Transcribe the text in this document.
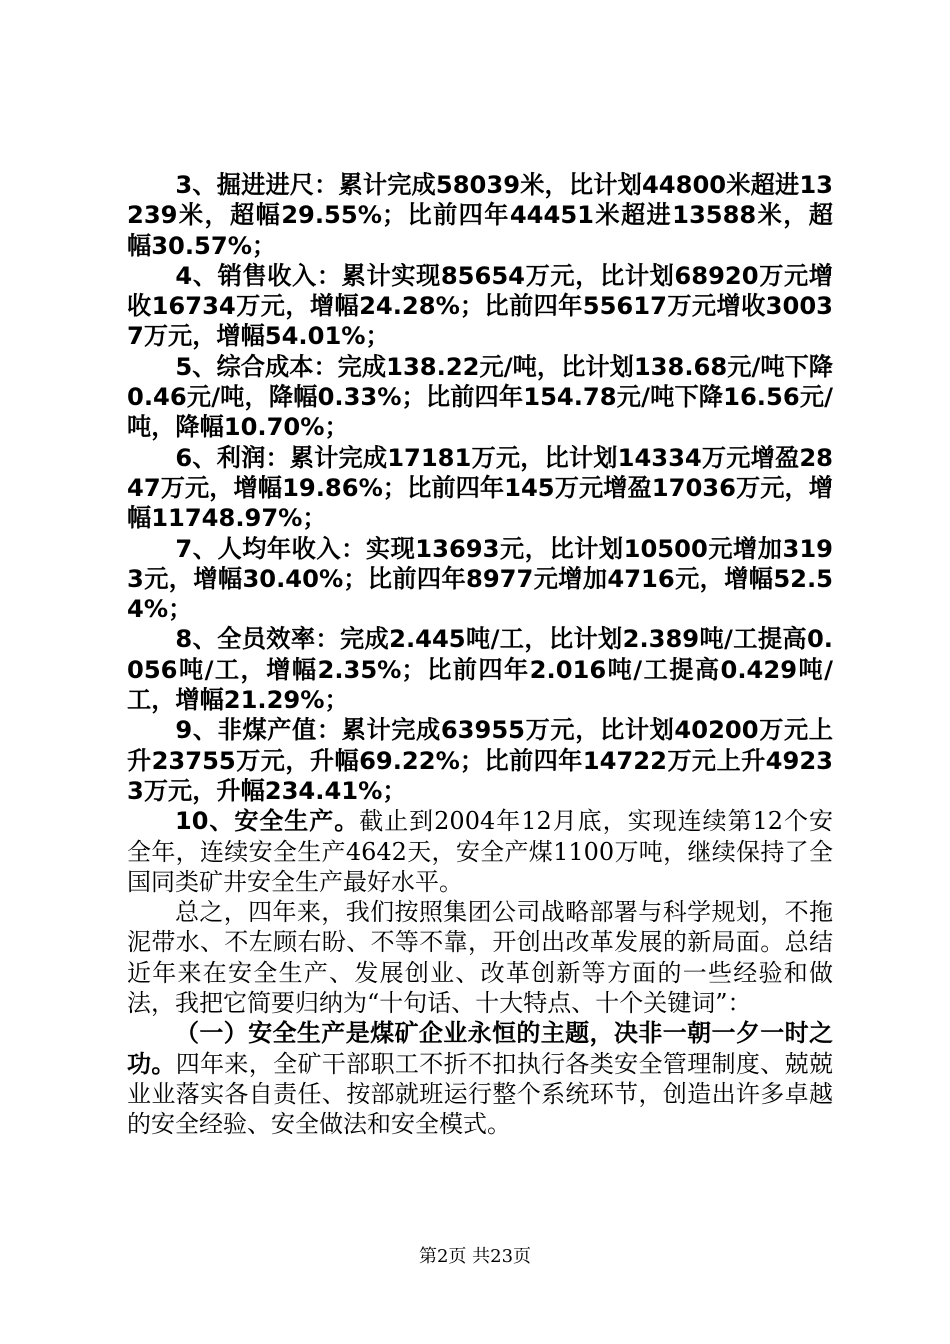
3、掘进进尺：累计完成58039米，比计划44800米超进13239米，超幅29.55%；比前四年44451米超进13588米，超幅30.57%；

4、销售收入：累计实现85654万元，比计划68920万元增收16734万元，增幅24.28%；比前四年55617万元增收30037万元，增幅54.01%；

5、综合成本：完成138.22元/吨，比计划138.68元/吨下降0.46元/吨，降幅0.33%；比前四年154.78元/吨下降16.56元/吨，降幅10.70%；

6、利润：累计完成17181万元，比计划14334万元增盈2847万元，增幅19.86%；比前四年145万元增盈17036万元，增幅11748.97%；

7、人均年收入：实现13693元，比计划10500元增加3193元，增幅30.40%；比前四年8977元增加4716元，增幅52.54%；

8、全员效率：完成2.445吨/工，比计划2.389吨/工提高0.056吨/工，增幅2.35%；比前四年2.016吨/工提高0.429吨/工，增幅21.29%；

9、非煤产值：累计完成63955万元，比计划40200万元上升23755万元，升幅69.22%；比前四年14722万元上升49233万元，升幅234.41%；

10、安全生产。截止到2004年12月底，实现连续第12个安全年，连续安全生产4642天，安全产煤1100万吨，继续保持了全国同类矿井安全生产最好水平。

总之，四年来，我们按照集团公司战略部署与科学规划，不拖泥带水、不左顾右盼、不等不靠，开创出改革发展的新局面。总结近年来在安全生产、发展创业、改革创新等方面的一些经验和做法，我把它简要归纳为“十句话、十大特点、十个关键词”：

（一）安全生产是煤矿企业永恒的主题，决非一朝一夕一时之功。四年来，全矿干部职工不折不扣执行各类安全管理制度、兢兢业业落实各自责任、按部就班运行整个系统环节，创造出许多卓越的安全经验、安全做法和安全模式。

第2页 共23页
